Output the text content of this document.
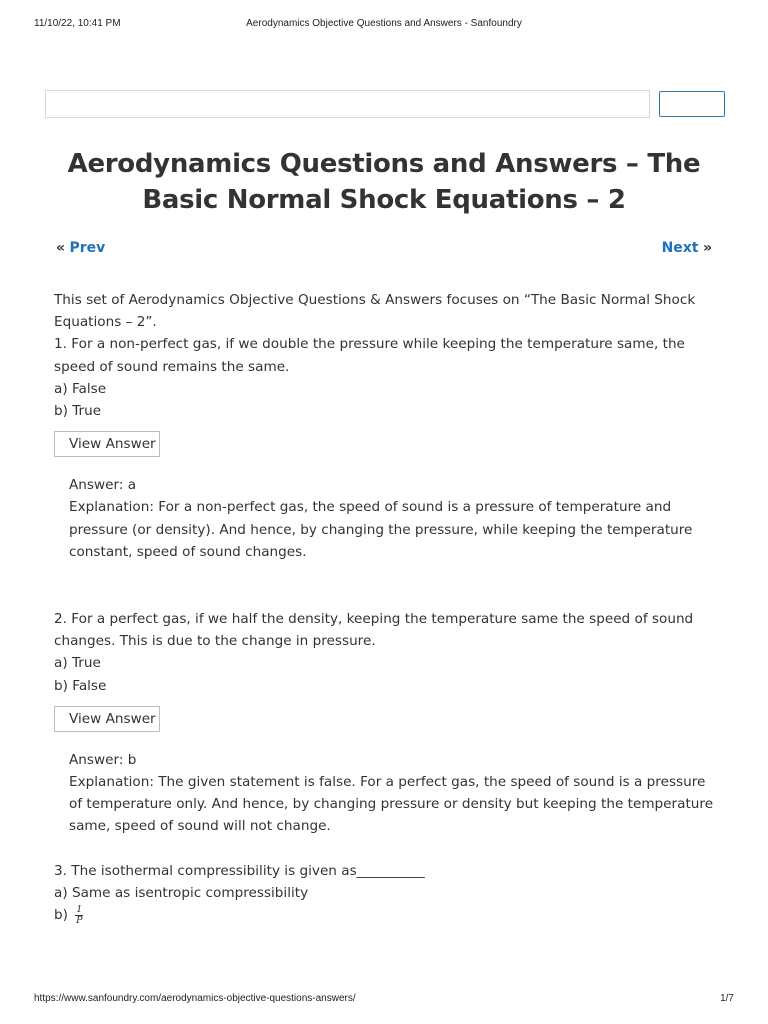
11/10/22, 10:41 PM	Aerodynamics Objective Questions and Answers - Sanfoundry
Aerodynamics Questions and Answers – The Basic Normal Shock Equations – 2
« Prev	Next »

This set of Aerodynamics Objective Questions & Answers focuses on “The Basic Normal Shock Equations – 2”.

1. For a non-perfect gas, if we double the pressure while keeping the temperature same, the speed of sound remains the same.

a) False

b) True

View Answer

Answer: a

Explanation: For a non-perfect gas, the speed of sound is a pressure of temperature and pressure (or density). And hence, by changing the pressure, while keeping the temperature constant, speed of sound changes.

2. For a perfect gas, if we half the density, keeping the temperature same the speed of sound changes. This is due to the change in pressure.

a) True

b) False

View Answer

Answer: b

Explanation: The given statement is false. For a perfect gas, the speed of sound is a pressure of temperature only. And hence, by changing pressure or density but keeping the temperature same, speed of sound will not change.

3. The isothermal compressibility is given as__________

a) Same as isentropic compressibility

$b) \frac{1}{P}$

https://www.sanfoundry.com/aerodynamics-objective-questions-answers/	1/7
